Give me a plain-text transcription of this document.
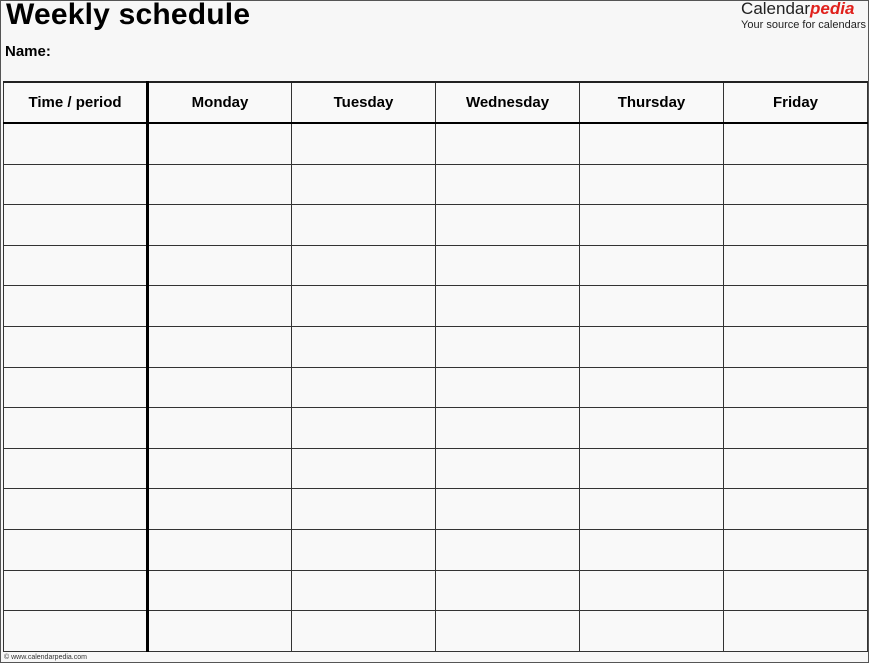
Weekly schedule
Name:
Calendarpedia
Your source for calendars
Time / period	Monday	Tuesday	Wednesday	Thursday	Friday

© www.calendarpedia.com
